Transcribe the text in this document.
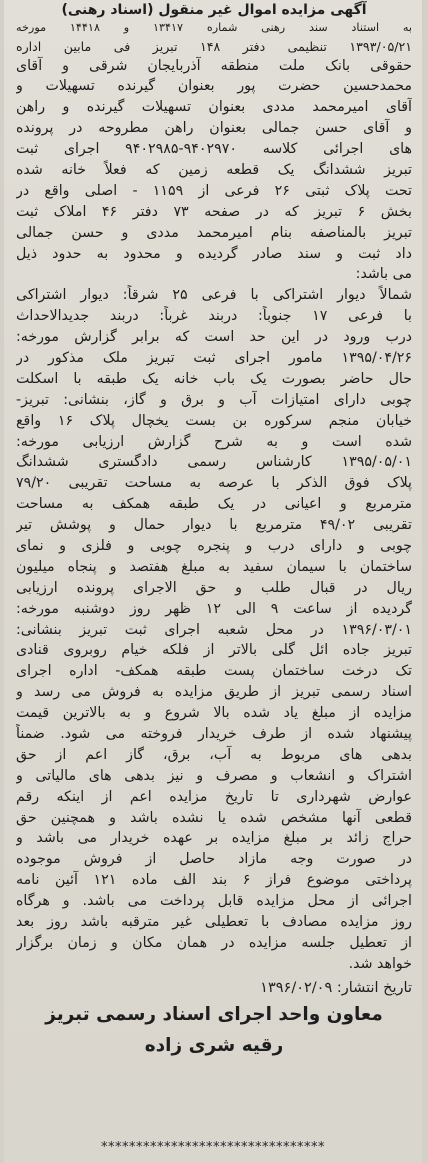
آگهی مزایده اموال غیر منقول (اسناد رهنی)

به استناد سند رهنی شماره ۱۳۴۱۷ و ۱۴۴۱۸ مورخه

۱۳۹۳/۰۵/۲۱ تنظیمی دفتر ۱۴۸ تبریز فی مابین اداره

حقوقی بانک ملت منطقه آذربایجان شرقی و آقای

محمدحسین حضرت پور بعنوان گیرنده تسهیلات و

آقای امیرمحمد مددی بعنوان تسهیلات گیرنده و راهن

و آقای حسن جمالی بعنوان راهن مطروحه در پرونده

های اجرائی کلاسه ۹۴۰۲۹۷۰-۹۴۰۲۹۸۵ اجرای ثبت

تبریز ششدانگ یک قطعه زمین که فعلاً خانه شده

تحت پلاک ثبتی ۲۶ فرعی از ۱۱۵۹ - اصلی واقع در

بخش ۶ تبریز که در صفحه ۷۳ دفتر ۴۶ املاک ثبت

تبریز بالمناصفه بنام امیرمحمد مددی و حسن جمالی

داد ثبت و سند صادر گردیده و محدود به حدود ذیل

می باشد:

شمالاً دیوار اشتراکی با فرعی ۲۵ شرقاً: دیوار اشتراکی

با فرعی ۱۷ جنوباً: دربند غرباً: دربند جدیدالاحداث

درب ورود در این حد است که برابر گزارش مورخه:

۱۳۹۵/۰۴/۲۶ مامور اجرای ثبت تبریز ملک مذکور در

حال حاضر بصورت یک باب خانه یک طبقه با اسکلت

چوبی دارای امتیازات آب و برق و گاز، بنشانی: تبریز-

خیابان منجم سرکوره بن بست یخچال پلاک ۱۶ واقع

شده است و به شرح گزارش ارزیابی مورخه:

۱۳۹۵/۰۵/۰۱ کارشناس رسمی دادگستری ششدانگ

پلاک فوق الذکر با عرصه به مساحت تقریبی ۷۹/۲۰

مترمربع و اعیانی در یک طبقه همکف به مساحت

تقریبی ۴۹/۰۲ مترمربع با دیوار حمال و پوشش تیر

چوبی و دارای درب و پنجره چوبی و فلزی و نمای

ساختمان با سیمان سفید به مبلغ هفتصد و پنجاه میلیون

ریال در قبال طلب و حق الاجرای پرونده ارزیابی

گردیده از ساعت ۹ الی ۱۲ ظهر روز دوشنبه مورخه:

۱۳۹۶/۰۳/۰۱ در محل شعبه اجرای ثبت تبریز بنشانی:

تبریز جاده ائل گلی بالاتر از فلکه خیام روبروی قنادی

تک درخت ساختمان پست طبقه همکف- اداره اجرای

اسناد رسمی تبریز از طریق مزایده به فروش می رسد و

مزایده از مبلغ یاد شده بالا شروع و به بالاترین قیمت

پیشنهاد شده از طرف خریدار فروخته می شود. ضمناً

بدهی های مربوط به آب، برق، گاز اعم از حق

اشتراک و انشعاب و مصرف و نیز بدهی های مالیاتی و

عوارض شهرداری تا تاریخ مزایده اعم از اینکه رقم

قطعی آنها مشخص شده یا نشده باشد و همچنین حق

حراج زائد بر مبلغ مزایده بر عهده خریدار می باشد و

در صورت وجه مازاد حاصل از فروش موجوده

پرداختی موضوع فراز ۶ بند الف ماده ۱۲۱ آئین نامه

اجرائی از محل مزایده قابل پرداخت می باشد. و هرگاه

روز مزایده مصادف با تعطیلی غیر مترقبه باشد روز بعد

از تعطیل جلسه مزایده در همان مکان و زمان برگزار

خواهد شد.

تاریخ انتشار: ۱۳۹۶/۰۲/۰۹

معاون واحد اجرای اسناد رسمی تبریز

رقیه شری زاده

********************************
